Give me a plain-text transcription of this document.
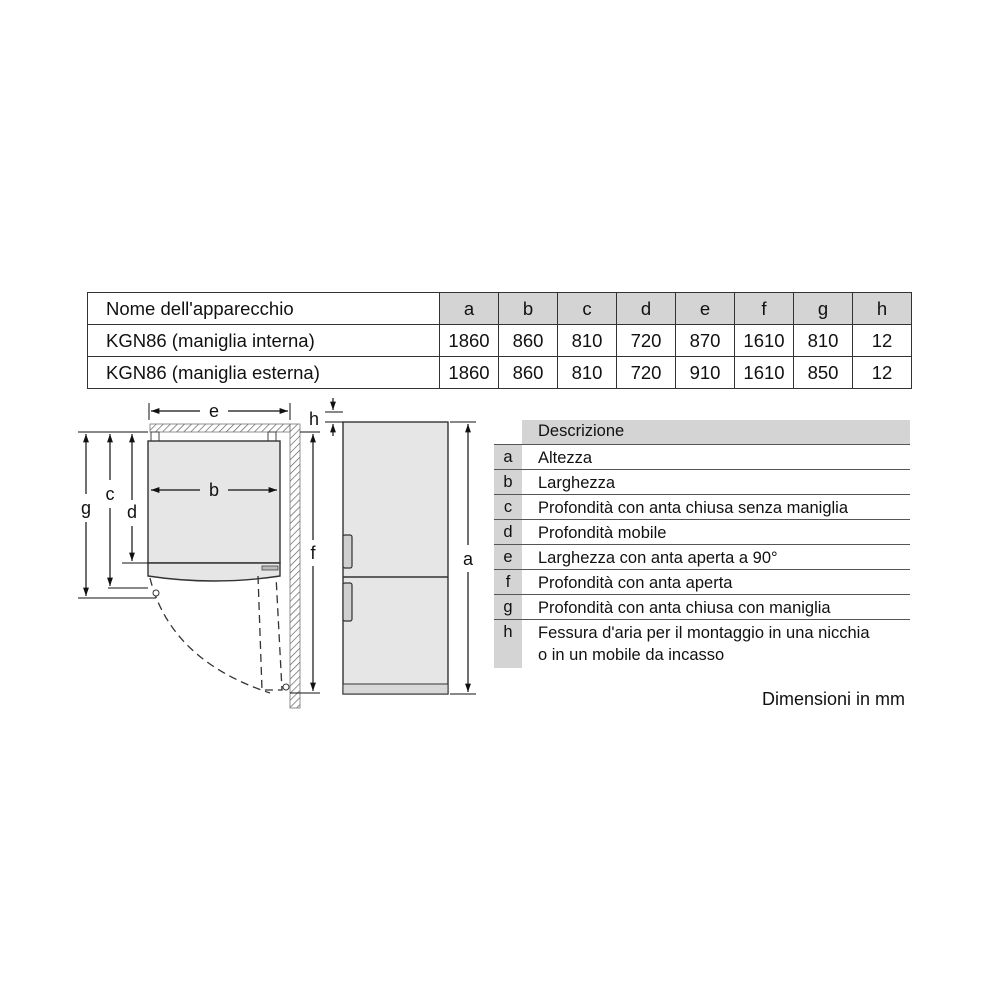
Nome dell'apparecchio	a	b	c	d	e	f	g	h
KGN86 (maniglia interna)	1860	860	810	720	870	1610	810	12
KGN86 (maniglia esterna)	1860	860	810	720	910	1610	850	12
e
b
g
c
d
f
h
a
Descrizione
a	Altezza
b	Larghezza
c	Profondità con anta chiusa senza maniglia
d	Profondità mobile
e	Larghezza con anta aperta a 90°
f	Profondità con anta aperta
g	Profondità con anta chiusa con maniglia
h	Fessura d'aria per il montaggio in una nicchia
o in un mobile da incasso
Dimensioni in mm
